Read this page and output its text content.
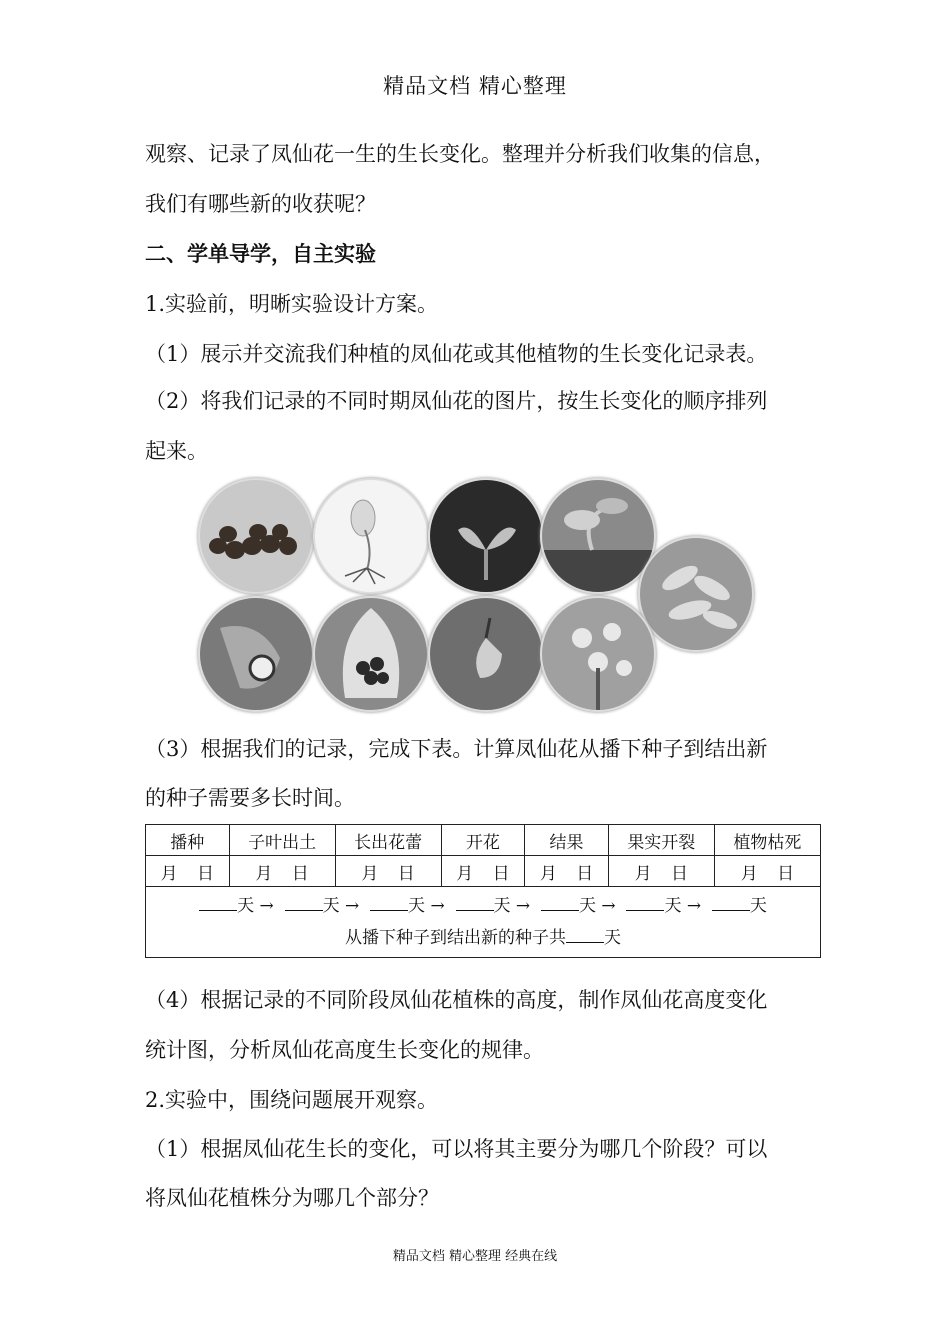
精品文档 精心整理
观察、记录了凤仙花一生的生长变化。整理并分析我们收集的信息，
我们有哪些新的收获呢？
二、学单导学，自主实验
1.实验前，明晰实验设计方案。
（1）展示并交流我们种植的凤仙花或其他植物的生长变化记录表。
（2）将我们记录的不同时期凤仙花的图片，按生长变化的顺序排列
起来。
（3）根据我们的记录，完成下表。计算凤仙花从播下种子到结出新
的种子需要多长时间。
播种	子叶出土	长出花蕾	开花	结果	果实开裂	植物枯死
月 日	月 日	月 日	月 日	月 日	月 日	月 日

天 → 天 → 天 → 天 → 天 → 天 → 天
从播下种子到结出新的种子共 天						
（4）根据记录的不同阶段凤仙花植株的高度，制作凤仙花高度变化
统计图，分析凤仙花高度生长变化的规律。
2.实验中，围绕问题展开观察。
（1）根据凤仙花生长的变化，可以将其主要分为哪几个阶段？可以
将凤仙花植株分为哪几个部分？
精品文档 精心整理 经典在线
